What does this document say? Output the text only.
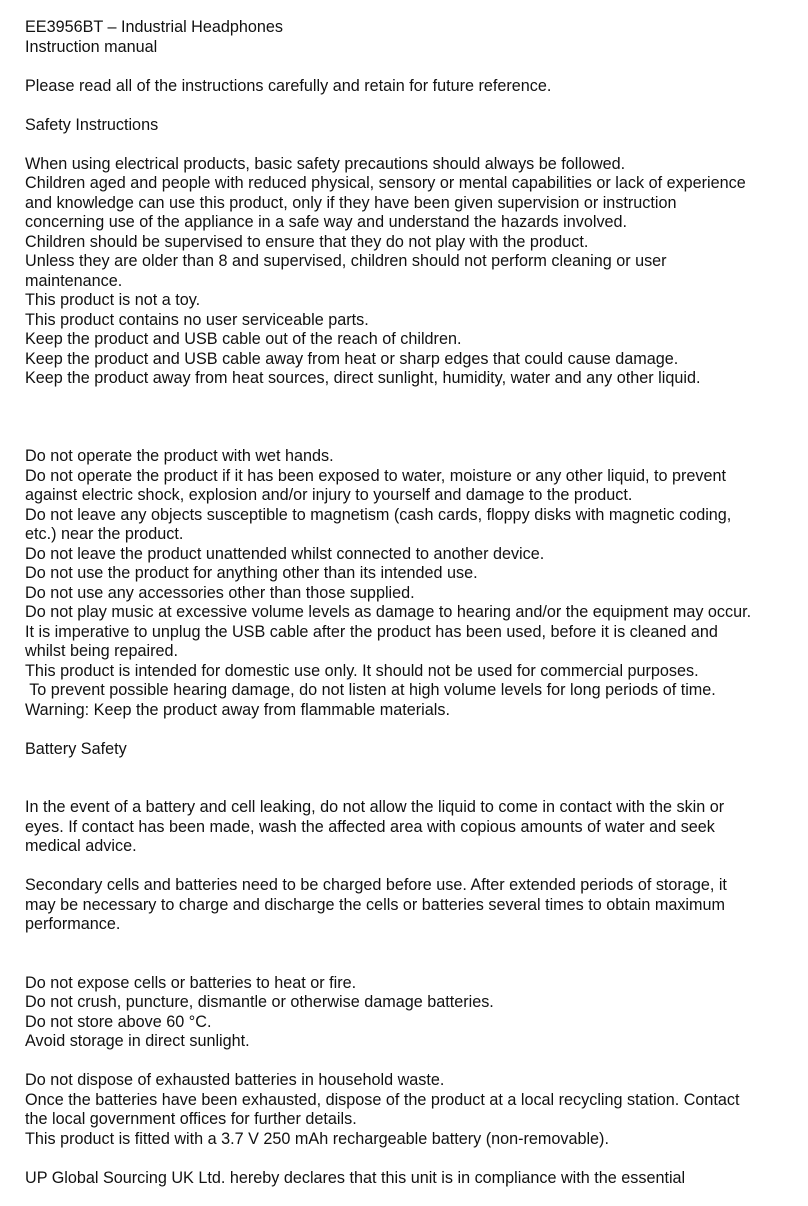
EE3956BT – Industrial Headphones

Instruction manual

Please read all of the instructions carefully and retain for future reference.

Safety Instructions

When using electrical products, basic safety precautions should always be followed.

Children aged and people with reduced physical, sensory or mental capabilities or lack of experience

and knowledge can use this product, only if they have been given supervision or instruction

concerning use of the appliance in a safe way and understand the hazards involved.

Children should be supervised to ensure that they do not play with the product.

Unless they are older than 8 and supervised, children should not perform cleaning or user

maintenance.

This product is not a toy.

This product contains no user serviceable parts.

Keep the product and USB cable out of the reach of children.

Keep the product and USB cable away from heat or sharp edges that could cause damage.

Keep the product away from heat sources, direct sunlight, humidity, water and any other liquid.

Do not operate the product with wet hands.

Do not operate the product if it has been exposed to water, moisture or any other liquid, to prevent

against electric shock, explosion and/or injury to yourself and damage to the product.

Do not leave any objects susceptible to magnetism (cash cards, floppy disks with magnetic coding,

etc.) near the product.

Do not leave the product unattended whilst connected to another device.

Do not use the product for anything other than its intended use.

Do not use any accessories other than those supplied.

Do not play music at excessive volume levels as damage to hearing and/or the equipment may occur.

It is imperative to unplug the USB cable after the product has been used, before it is cleaned and

whilst being repaired.

This product is intended for domestic use only. It should not be used for commercial purposes.

To prevent possible hearing damage, do not listen at high volume levels for long periods of time.

Warning: Keep the product away from flammable materials.

Battery Safety

In the event of a battery and cell leaking, do not allow the liquid to come in contact with the skin or

eyes. If contact has been made, wash the affected area with copious amounts of water and seek

medical advice.

Secondary cells and batteries need to be charged before use. After extended periods of storage, it

may be necessary to charge and discharge the cells or batteries several times to obtain maximum

performance.

Do not expose cells or batteries to heat or fire.

Do not crush, puncture, dismantle or otherwise damage batteries.

Do not store above 60 °C.

Avoid storage in direct sunlight.

Do not dispose of exhausted batteries in household waste.

Once the batteries have been exhausted, dispose of the product at a local recycling station. Contact

the local government offices for further details.

This product is fitted with a 3.7 V 250 mAh rechargeable battery (non-removable).

UP Global Sourcing UK Ltd. hereby declares that this unit is in compliance with the essential
